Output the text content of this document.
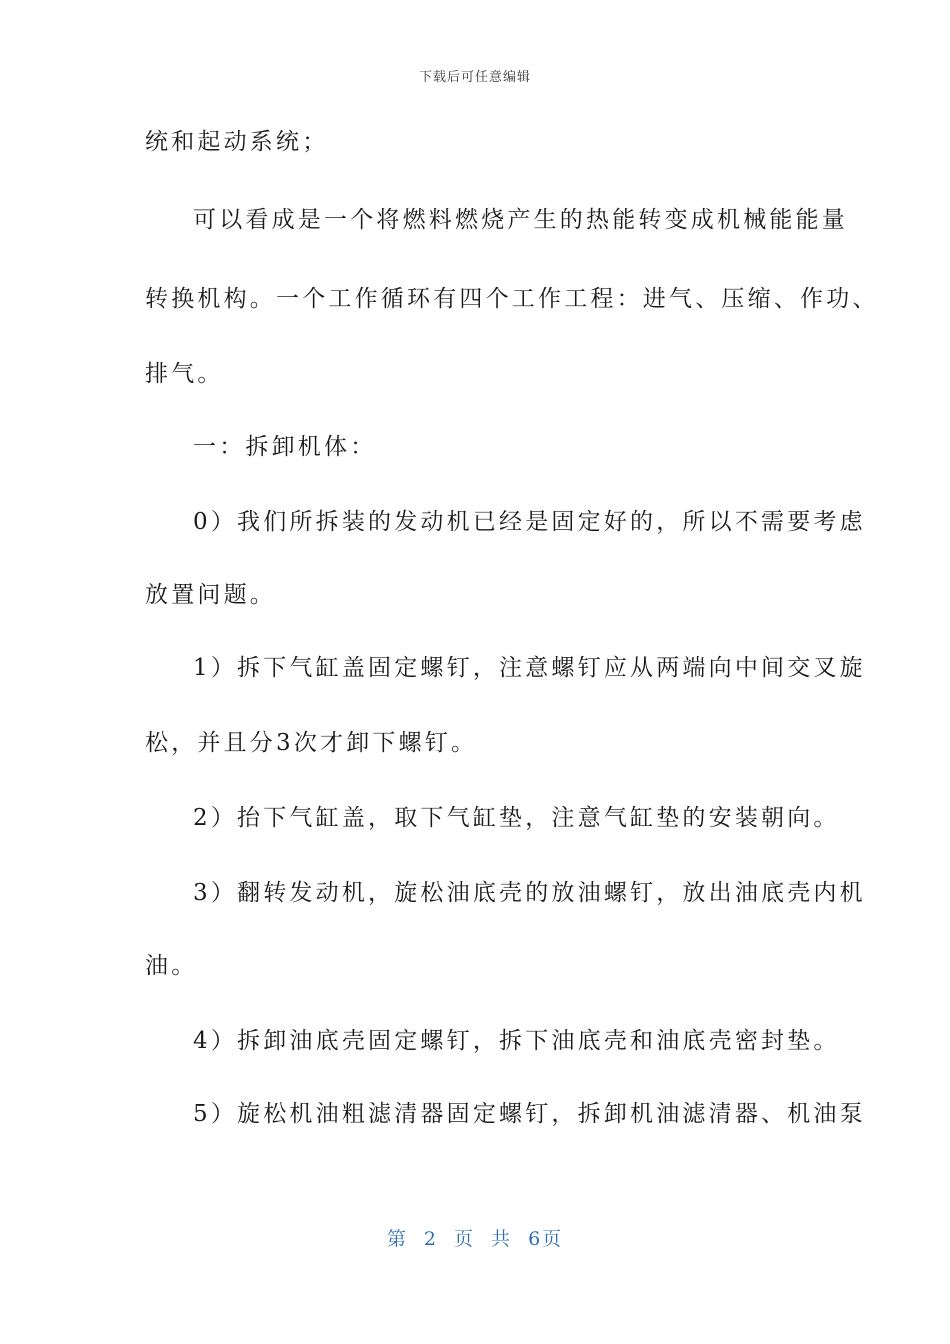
下载后可任意编辑
统和起动系统；
可以看成是一个将燃料燃烧产生的热能转变成机械能能量
转换机构。一个工作循环有四个工作工程：进气、压缩、作功、
排气。
一：拆卸机体：
0）我们所拆装的发动机已经是固定好的，所以不需要考虑
放置问题。
1）拆下气缸盖固定螺钉，注意螺钉应从两端向中间交叉旋
松，并且分3次才卸下螺钉。
2）抬下气缸盖，取下气缸垫，注意气缸垫的安装朝向。
3）翻转发动机，旋松油底壳的放油螺钉，放出油底壳内机
油。
4）拆卸油底壳固定螺钉，拆下油底壳和油底壳密封垫。
5）旋松机油粗滤清器固定螺钉，拆卸机油滤清器、机油泵
第 2 页 共 6页
